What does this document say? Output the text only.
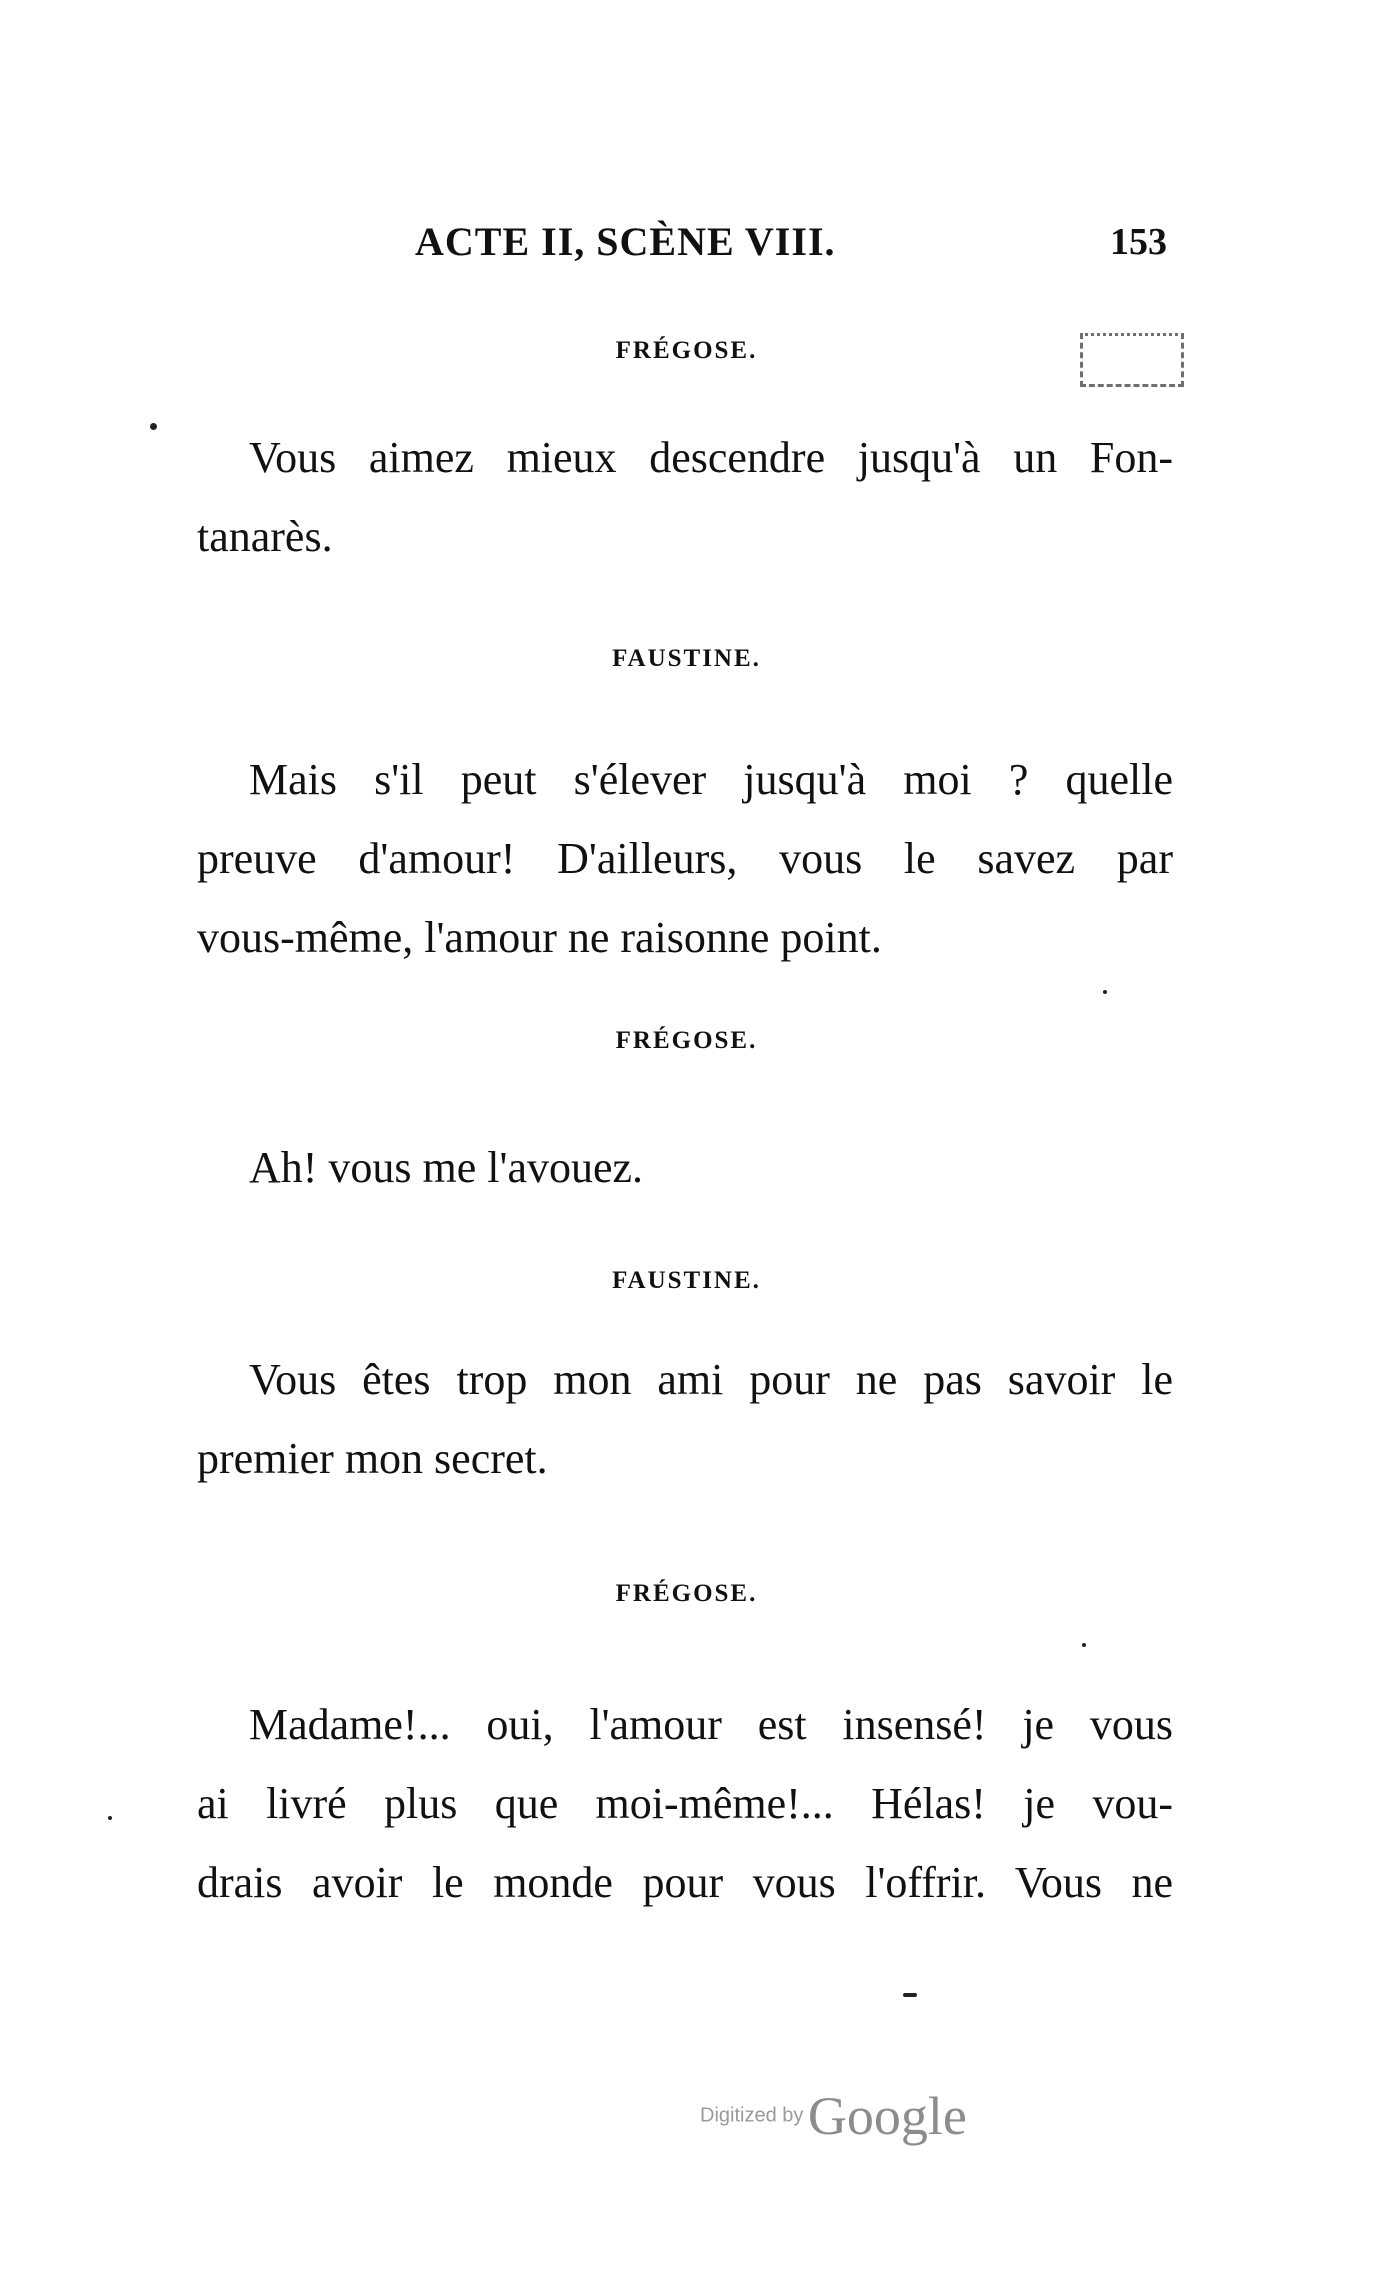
ACTE II, SCÈNE VIII.	153
FRÉGOSE.
Vous aimez mieux descendre jusqu'à un Fon-
tanarès.
FAUSTINE.
Mais s'il peut s'élever jusqu'à moi ? quelle
preuve d'amour! D'ailleurs, vous le savez par
vous-même, l'amour ne raisonne point.
FRÉGOSE.
Ah! vous me l'avouez.
FAUSTINE.
Vous êtes trop mon ami pour ne pas savoir le
premier mon secret.
FRÉGOSE.
Madame!... oui, l'amour est insensé! je vous
ai livré plus que moi-même!... Hélas! je vou-
drais avoir le monde pour vous l'offrir. Vous ne
Digitized by Google
